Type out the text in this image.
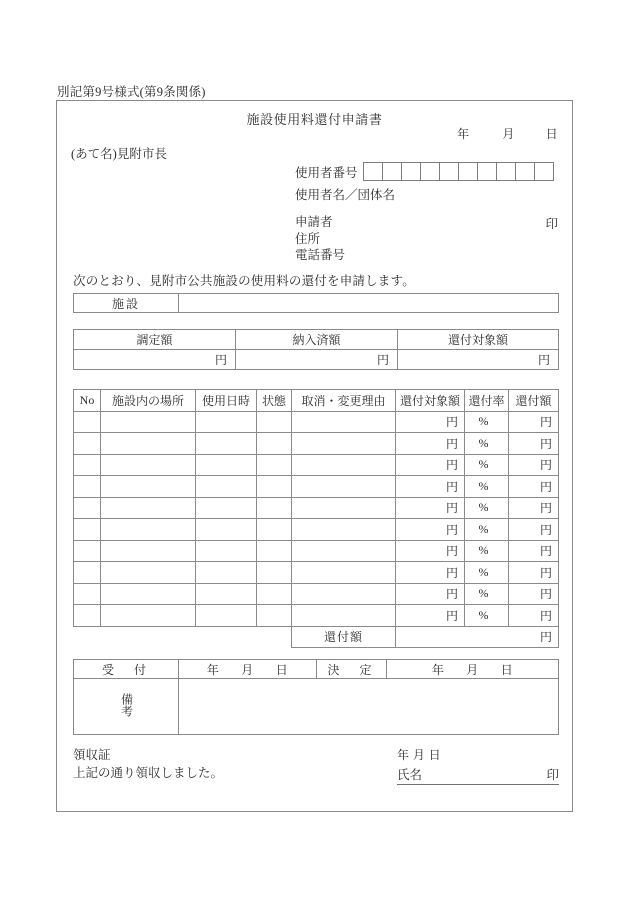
別記第9号様式(第9条関係)
施設使用料還付申請書
年	月	日
(あて名)見附市長
使用者番号
使用者名／団体名
申請者
住所
電話番号
印
次のとおり、見附市公共施設の使用料の還付を申請します。
施設	
調定額	納入済額	還付対象額
円	円	円
No	施設内の場所	使用日時	状態	取消・変更理由	還付対象額	還付率	還付額
					円	%	円
					円	%	円
					円	%	円
					円	%	円
					円	%	円
					円	%	円
					円	%	円
					円	%	円
					円	%	円
					円	%	円
				還付額	円		
受　付	年 月 日	決　定	年 月 日
備考			
領収証
上記の通り領収しました。
年 月 日
氏名	印
